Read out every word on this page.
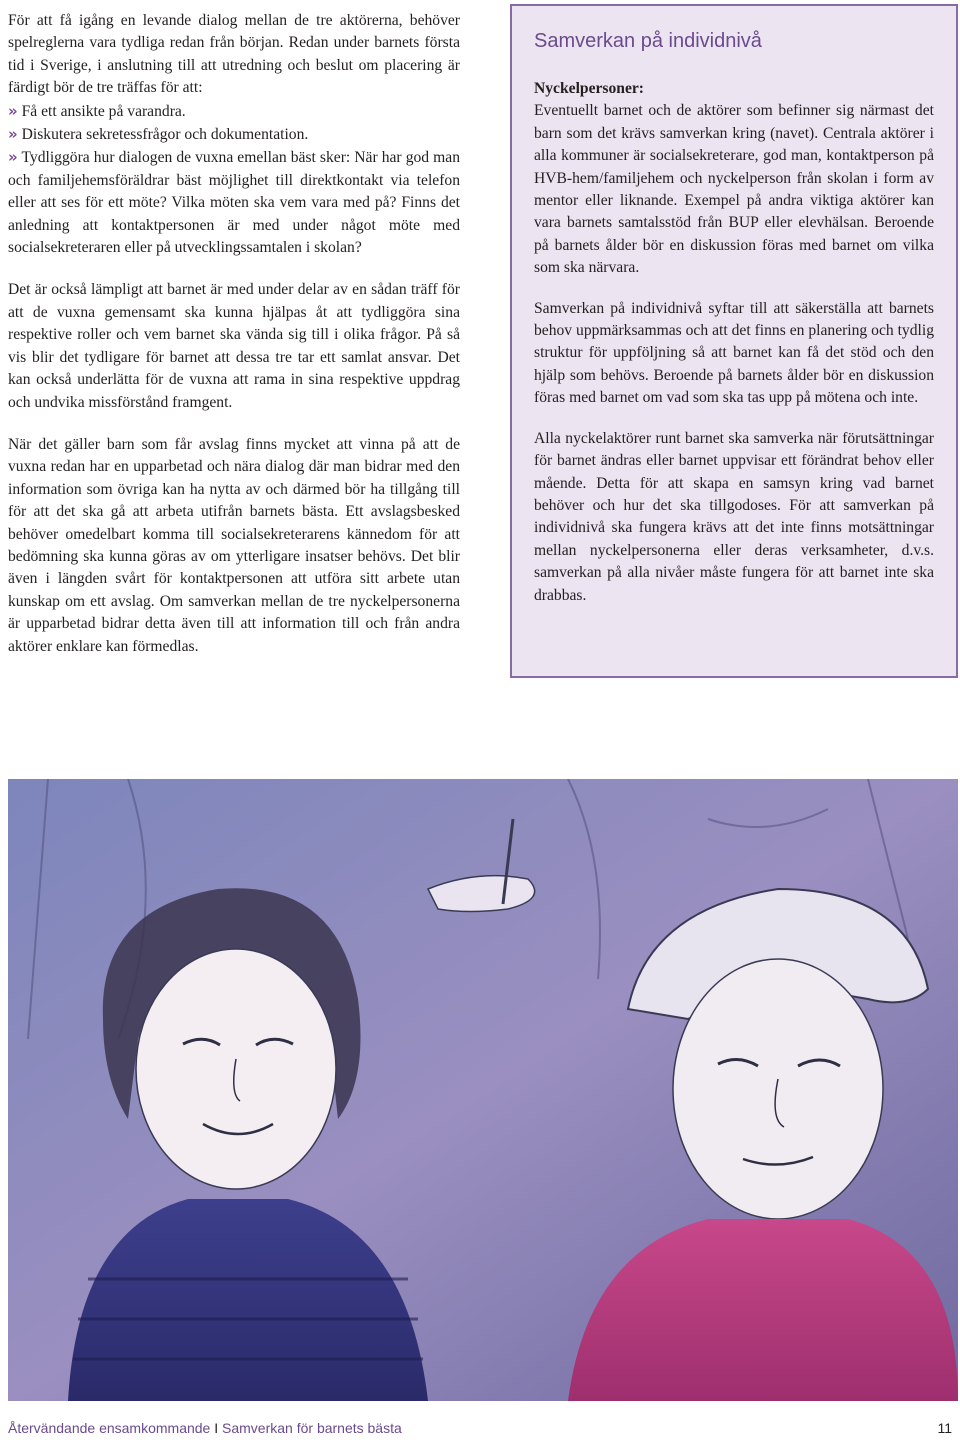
För att få igång en levande dialog mellan de tre aktörerna, behöver spelreglerna vara tydliga redan från början. Redan under barnets första tid i Sverige, i anslutning till att utredning och beslut om placering är färdigt bör de tre träffas för att:

» Få ett ansikte på varandra.

» Diskutera sekretessfrågor och dokumentation.

» Tydliggöra hur dialogen de vuxna emellan bäst sker: När har god man och familjehemsföräldrar bäst möjlighet till direktkontakt via telefon eller att ses för ett möte? Vilka möten ska vem vara med på? Finns det anledning att kontaktpersonen är med under något möte med socialsekreteraren eller på utvecklingssamtalen i skolan?

Det är också lämpligt att barnet är med under delar av en sådan träff för att de vuxna gemensamt ska kunna hjälpas åt att tydliggöra sina respektive roller och vem barnet ska vända sig till i olika frågor. På så vis blir det tydligare för barnet att dessa tre tar ett samlat ansvar. Det kan också underlätta för de vuxna att rama in sina respektive uppdrag och undvika missförstånd framgent.

När det gäller barn som får avslag finns mycket att vinna på att de vuxna redan har en upparbetad och nära dialog där man bidrar med den information som övriga kan ha nytta av och därmed bör ha tillgång till för att det ska gå att arbeta utifrån barnets bästa. Ett avslagsbesked behöver omedelbart komma till socialsekreterarens kännedom för att bedömning ska kunna göras av om ytterligare insatser behövs. Det blir även i längden svårt för kontaktpersonen att utföra sitt arbete utan kunskap om ett avslag. Om samverkan mellan de tre nyckelpersonerna är upparbetad bidrar detta även till att information till och från andra aktörer enklare kan förmedlas.

Samverkan på individnivå

Nyckelpersoner:
Eventuellt barnet och de aktörer som befinner sig närmast det barn som det krävs samverkan kring (navet). Centrala aktörer i alla kommuner är socialsekreterare, god man, kontaktperson på HVB-hem/familjehem och nyckelperson från skolan i form av mentor eller liknande. Exempel på andra viktiga aktörer kan vara barnets samtalsstöd från BUP eller elevhälsan. Beroende på barnets ålder bör en diskussion föras med barnet om vilka som ska närvara.

Samverkan på individnivå syftar till att säkerställa att barnets behov uppmärksammas och att det finns en planering och tydlig struktur för uppföljning så att barnet kan få det stöd och den hjälp som behövs. Beroende på barnets ålder bör en diskussion föras med barnet om vad som ska tas upp på mötena och inte.

Alla nyckelaktörer runt barnet ska samverka när förutsättningar för barnet ändras eller barnet uppvisar ett förändrat behov eller mående. Detta för att skapa en samsyn kring vad barnet behöver och hur det ska tillgodoses. För att samverkan på individnivå ska fungera krävs att det inte finns motsättningar mellan nyckelpersonerna eller deras verksamheter, d.v.s. samverkan på alla nivåer måste fungera för att barnet inte ska drabbas.

Återvändande ensamkommande I Samverkan för barnets bästa	11
